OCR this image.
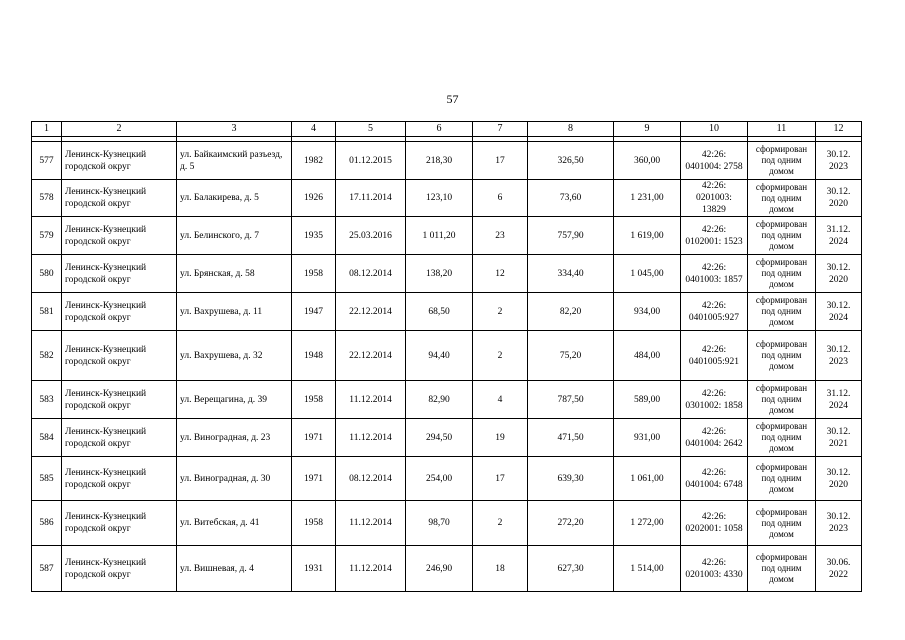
57
1	2	3	4	5	6	7	8	9	10	11	12

577	Ленинск-Кузнецкий городской округ	ул. Байкаимский разъезд, д. 5	1982	01.12.2015	218,30	17	326,50	360,00	42:26: 0401004: 2758	сформирован под одним домом	30.12. 2023
578	Ленинск-Кузнецкий городской округ	ул. Балакирева, д. 5	1926	17.11.2014	123,10	6	73,60	1 231,00	42:26: 0201003: 13829	сформирован под одним домом	30.12. 2020
579	Ленинск-Кузнецкий городской округ	ул. Белинского, д. 7	1935	25.03.2016	1 011,20	23	757,90	1 619,00	42:26: 0102001: 1523	сформирован под одним домом	31.12. 2024
580	Ленинск-Кузнецкий городской округ	ул. Брянская, д. 58	1958	08.12.2014	138,20	12	334,40	1 045,00	42:26: 0401003: 1857	сформирован под одним домом	30.12. 2020
581	Ленинск-Кузнецкий городской округ	ул. Вахрушева, д. 11	1947	22.12.2014	68,50	2	82,20	934,00	42:26: 0401005:927	сформирован под одним домом	30.12. 2024
582	Ленинск-Кузнецкий городской округ	ул. Вахрушева, д. 32	1948	22.12.2014	94,40	2	75,20	484,00	42:26: 0401005:921	сформирован под одним домом	30.12. 2023
583	Ленинск-Кузнецкий городской округ	ул. Верещагина, д. 39	1958	11.12.2014	82,90	4	787,50	589,00	42:26: 0301002: 1858	сформирован под одним домом	31.12. 2024
584	Ленинск-Кузнецкий городской округ	ул. Виноградная, д. 23	1971	11.12.2014	294,50	19	471,50	931,00	42:26: 0401004: 2642	сформирован под одним домом	30.12. 2021
585	Ленинск-Кузнецкий городской округ	ул. Виноградная, д. 30	1971	08.12.2014	254,00	17	639,30	1 061,00	42:26: 0401004: 6748	сформирован под одним домом	30.12. 2020
586	Ленинск-Кузнецкий городской округ	ул. Витебская, д. 41	1958	11.12.2014	98,70	2	272,20	1 272,00	42:26: 0202001: 1058	сформирован под одним домом	30.12. 2023
587	Ленинск-Кузнецкий городской округ	ул. Вишневая, д. 4	1931	11.12.2014	246,90	18	627,30	1 514,00	42:26: 0201003: 4330	сформирован под одним домом	30.06. 2022
